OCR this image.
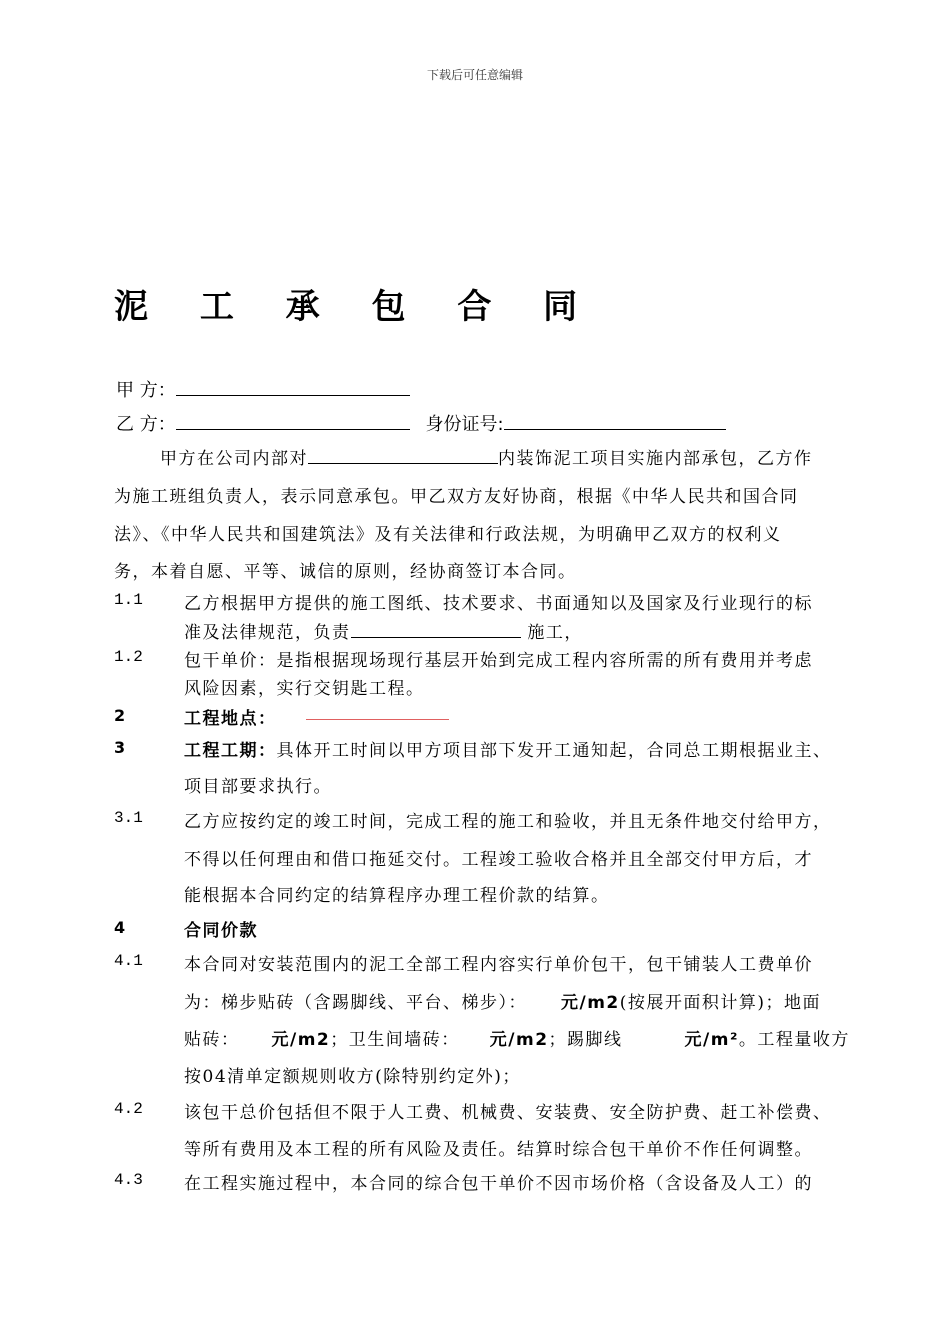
下载后可任意编辑
泥 工 承 包 合 同
甲 方：
乙 方：	身份证号:
甲方在公司内部对	内装饰泥工项目实施内部承包，乙方作
为施工班组负责人，表示同意承包。甲乙双方友好协商，根据《中华人民共和国合同
法》、《中华人民共和国建筑法》及有关法律和行政法规，为明确甲乙双方的权利义
务，本着自愿、平等、诚信的原则，经协商签订本合同。
1.1 乙方根据甲方提供的施工图纸、技术要求、书面通知以及国家及行业现行的标
准及法律规范，负责	施工，
1.2 包干单价：是指根据现场现行基层开始到完成工程内容所需的所有费用并考虑
风险因素，实行交钥匙工程。
2	工程地点：
3	工程工期：具体开工时间以甲方项目部下发开工通知起，合同总工期根据业主、
项目部要求执行。
3.1 乙方应按约定的竣工时间，完成工程的施工和验收，并且无条件地交付给甲方，
不得以任何理由和借口拖延交付。工程竣工验收合格并且全部交付甲方后，才
能根据本合同约定的结算程序办理工程价款的结算。
4	合同价款
4.1 本合同对安装范围内的泥工全部工程内容实行单价包干，包干铺装人工费单价
为：梯步贴砖（含踢脚线、平台、梯步）： 元/m2(按展开面积计算)；地面
贴砖： 元/m2；卫生间墙砖： 元/m2；踢脚线	元/m²。工程量收方
按04清单定额规则收方(除特别约定外)；
4.2 该包干总价包括但不限于人工费、机械费、安装费、安全防护费、赶工补偿费、
等所有费用及本工程的所有风险及责任。结算时综合包干单价不作任何调整。
4.3 在工程实施过程中，本合同的综合包干单价不因市场价格（含设备及人工）的
